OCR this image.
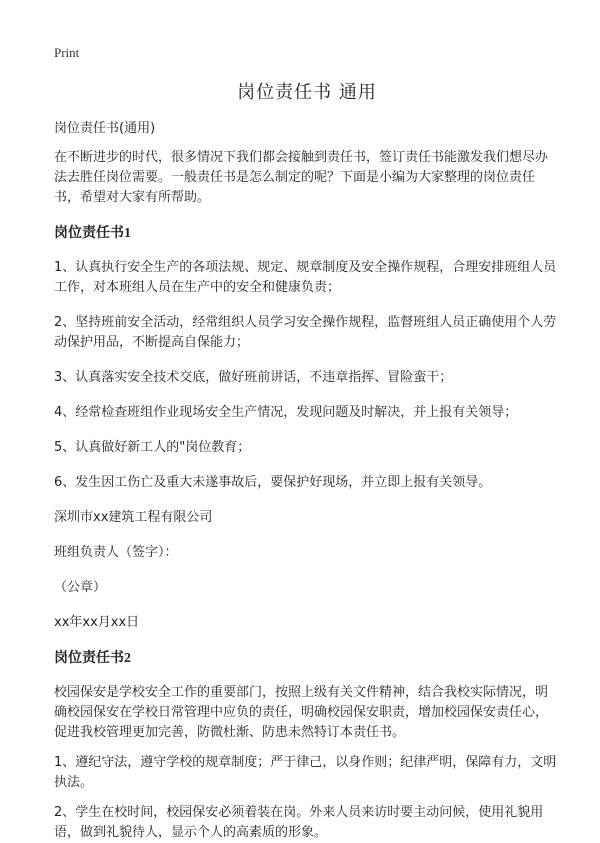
Print

岗位责任书 通用

岗位责任书(通用)

在不断进步的时代，很多情况下我们都会接触到责任书，签订责任书能激发我们想尽办法去胜任岗位需要。一般责任书是怎么制定的呢？下面是小编为大家整理的岗位责任书，希望对大家有所帮助。

岗位责任书1

1、认真执行安全生产的各项法规、规定、规章制度及安全操作规程，合理安排班组人员工作，对本班组人员在生产中的安全和健康负责；

2、坚持班前安全活动，经常组织人员学习安全操作规程，监督班组人员正确使用个人劳动保护用品，不断提高自保能力；

3、认真落实安全技术交底，做好班前讲话，不违章指挥、冒险蛮干；

4、经常检查班组作业现场安全生产情况，发现问题及时解决，并上报有关领导；

5、认真做好新工人的"岗位教育；

6、发生因工伤亡及重大未遂事故后，要保护好现场，并立即上报有关领导。

深圳市xx建筑工程有限公司

班组负责人（签字）：

（公章）

xx年xx月xx日

岗位责任书2

校园保安是学校安全工作的重要部门，按照上级有关文件精神，结合我校实际情况，明确校园保安在学校日常管理中应负的责任，明确校园保安职责，增加校园保安责任心，促进我校管理更加完善，防微杜渐、防患未然特订本责任书。

1、遵纪守法，遵守学校的规章制度；严于律己，以身作则；纪律严明，保障有力，文明执法。

2、学生在校时间，校园保安必须着装在岗。外来人员来访时要主动问候，使用礼貌用语，做到礼貌待人，显示个人的高素质的形象。
